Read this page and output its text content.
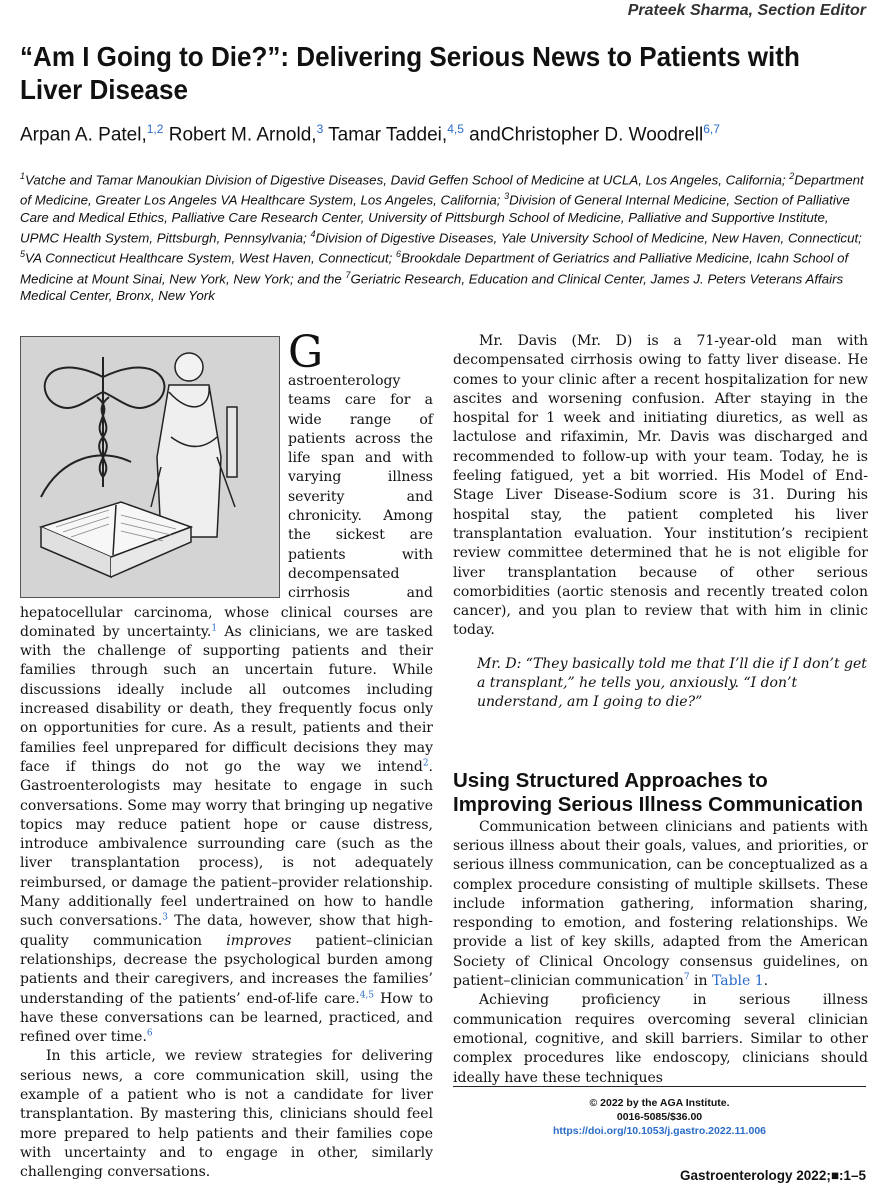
Prateek Sharma, Section Editor
“Am I Going to Die?”: Delivering Serious News to Patients with Liver Disease
Arpan A. Patel,$^{1,2}$ Robert M. Arnold,$^3$ Tamar Taddei,$^{4,5}$ andChristopher D. Woodrell$^{6,7}$

$^1$Vatche and Tamar Manoukian Division of Digestive Diseases, David Geffen School of Medicine at UCLA, Los Angeles, California; $^2$Department of Medicine, Greater Los Angeles VA Healthcare System, Los Angeles, California; $^3$Division of General Internal Medicine, Section of Palliative Care and Medical Ethics, Palliative Care Research Center, University of Pittsburgh School of Medicine, Palliative and Supportive Institute, UPMC Health System, Pittsburgh, Pennsylvania; $^4$Division of Digestive Diseases, Yale University School of Medicine, New Haven, Connecticut; $^5$VA Connecticut Healthcare System, West Haven, Connecticut; $^6$Brookdale Department of Geriatrics and Palliative Medicine, Icahn School of Medicine at Mount Sinai, New York, New York; and the $^7$Geriatric Research, Education and Clinical Center, James J. Peters Veterans Affairs Medical Center, Bronx, New York

G
astroenterology teams care for a wide range of patients across the life span and with varying illness severity and chronicity. Among the sickest are patients with decompensated cirrhosis and hepatocellular carcinoma, whose clinical courses are dominated by uncertainty.$^1$ As clinicians, we are tasked with the challenge of supporting patients and their families through such an uncertain future. While discussions ideally include all outcomes including increased disability or death, they frequently focus only on opportunities for cure. As a result, patients and their families feel unprepared for difficult decisions they may face if things do not go the way we intend$^2$. Gastroenterologists may hesitate to engage in such conversations. Some may worry that bringing up negative topics may reduce patient hope or cause distress, introduce ambivalence surrounding care (such as the liver transplantation process), is not adequately reimbursed, or damage the patient–provider relationship. Many additionally feel undertrained on how to handle such conversations.$^3$ The data, however, show that high-quality communication improves patient–clinician relationships, decrease the psychological burden among patients and their caregivers, and increases the families’ understanding of the patients’ end-of-life care.$^{4,5}$ How to have these conversations can be learned, practiced, and refined over time.$^6$

In this article, we review strategies for delivering serious news, a core communication skill, using the example of a patient who is not a candidate for liver transplantation. By mastering this, clinicians should feel more prepared to help patients and their families cope with uncertainty and to engage in other, similarly challenging conversations.

Mr. Davis (Mr. D) is a 71-year-old man with decompensated cirrhosis owing to fatty liver disease. He comes to your clinic after a recent hospitalization for new ascites and worsening confusion. After staying in the hospital for 1 week and initiating diuretics, as well as lactulose and rifaximin, Mr. Davis was discharged and recommended to follow-up with your team. Today, he is feeling fatigued, yet a bit worried. His Model of End-Stage Liver Disease-Sodium score is 31. During his hospital stay, the patient completed his liver transplantation evaluation. Your institution’s recipient review committee determined that he is not eligible for liver transplantation because of other serious comorbidities (aortic stenosis and recently treated colon cancer), and you plan to review that with him in clinic today.

Mr. D: “They basically told me that I’ll die if I don’t get a transplant,” he tells you, anxiously. “I don’t understand, am I going to die?”

Using Structured Approaches to Improving Serious Illness Communication

Communication between clinicians and patients with serious illness about their goals, values, and priorities, or serious illness communication, can be conceptualized as a complex procedure consisting of multiple skillsets. These include information gathering, information sharing, responding to emotion, and fostering relationships. We provide a list of key skills, adapted from the American Society of Clinical Oncology consensus guidelines, on patient–clinician communication$^7$ in Table 1.

Achieving proficiency in serious illness communication requires overcoming several clinician emotional, cognitive, and skill barriers. Similar to other complex procedures like endoscopy, clinicians should ideally have these techniques

© 2022 by the AGA Institute.
0016-5085/$36.00
https://doi.org/10.1053/j.gastro.2022.11.006
Gastroenterology 2022;■:1–5
